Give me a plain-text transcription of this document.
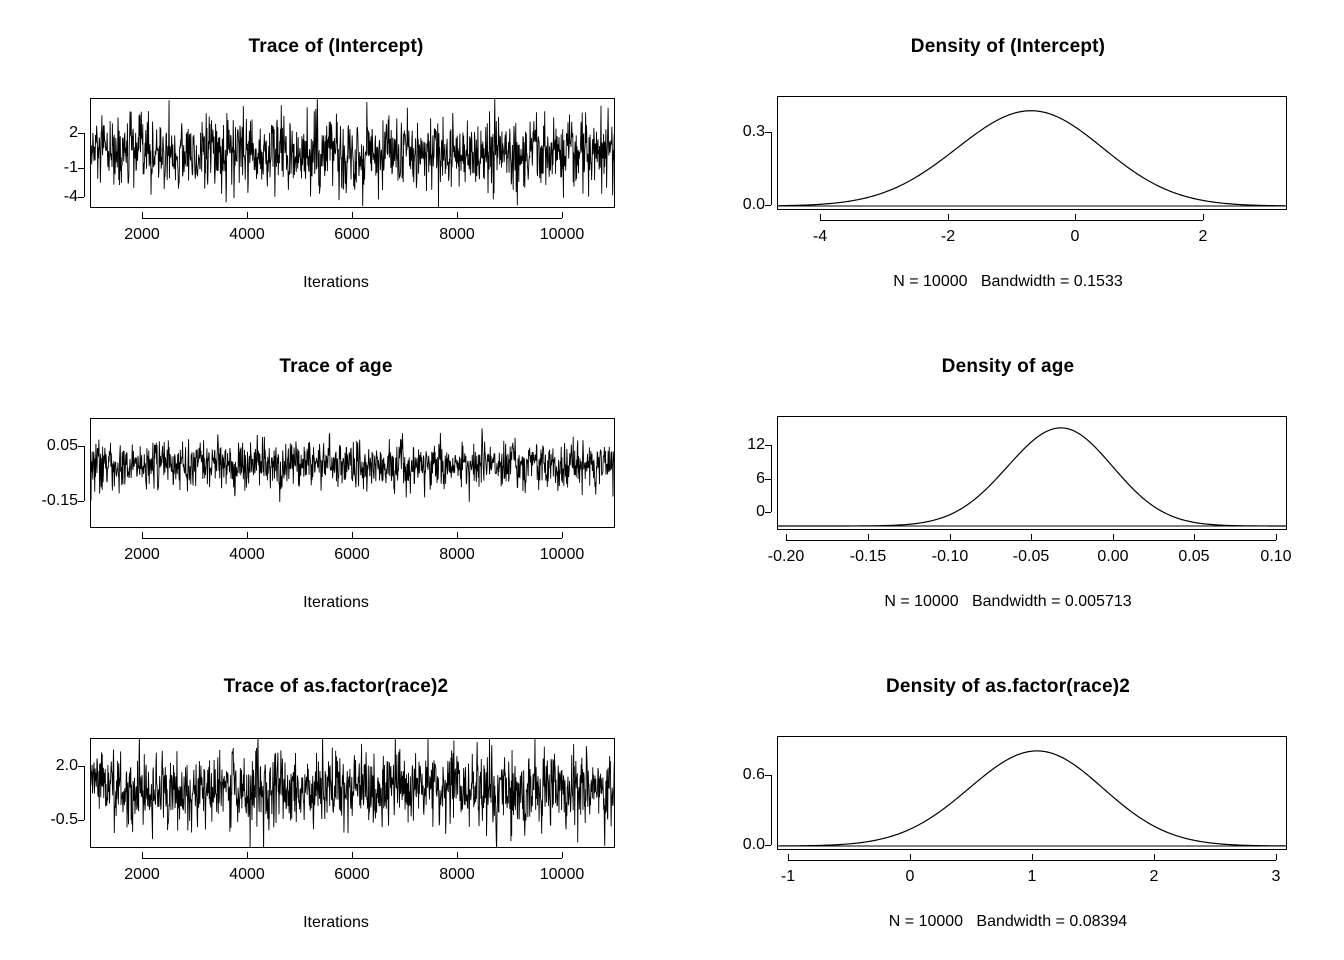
Trace of (Intercept)
-4
-1
2
2000	4000	6000	8000	10000
Iterations
Density of (Intercept)
0.0
0.3
-4	-2	0	2
N = 10000   Bandwidth = 0.1533
Trace of age
-0.15
0.05
2000	4000	6000	8000	10000
Iterations
Density of age
0
6
12
-0.20	-0.15	-0.10	-0.05	0.00	0.05	0.10
N = 10000   Bandwidth = 0.005713
Trace of as.factor(race)2
-0.5
2.0
2000	4000	6000	8000	10000
Iterations
Density of as.factor(race)2
0.0
0.6
-1	0	1	2	3
N = 10000   Bandwidth = 0.08394
